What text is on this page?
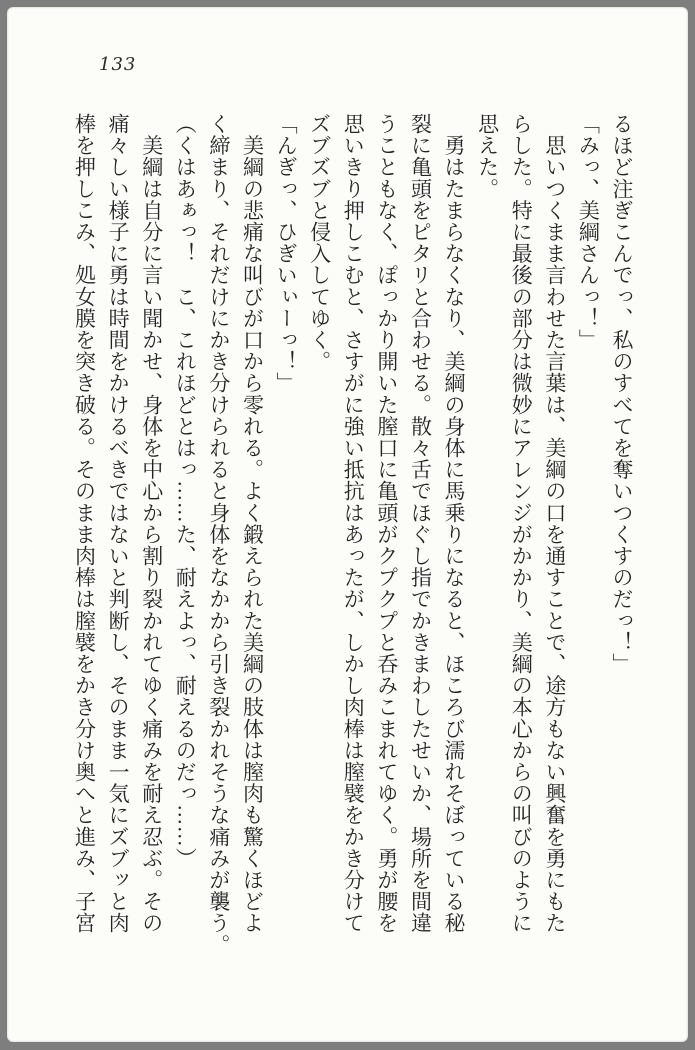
133
るほど注ぎこんでっ、私のすべてを奪いつくすのだっ！」
「みっ、美綱さんっ！」
　思いつくまま言わせた言葉は、美綱の口を通すことで、途方もない興奮を勇にもた
らした。特に最後の部分は微妙にアレンジがかかり、美綱の本心からの叫びのように
思えた。
　勇はたまらなくなり、美綱の身体に馬乗りになると、ほころび濡れそぼっている秘
裂に亀頭をピタリと合わせる。散々舌でほぐし指でかきまわしたせいか、場所を間違
うこともなく、ぽっかり開いた膣口に亀頭がクプクプと呑みこまれてゆく。勇が腰を
思いきり押しこむと、さすがに強い抵抗はあったが、しかし肉棒は膣襞をかき分けて
ズブズブと侵入してゆく。
「んぎっ、ひぎいぃーっ！」
　美綱の悲痛な叫びが口から零れる。よく鍛えられた美綱の肢体は膣肉も驚くほどよ
く締まり、それだけにかき分けられると身体をなかから引き裂かれそうな痛みが襲う。
（くはあぁっ！　こ、これほどとはっ……た、耐えよっ、耐えるのだっ……）
　美綱は自分に言い聞かせ、身体を中心から割り裂かれてゆく痛みを耐え忍ぶ。その
痛々しい様子に勇は時間をかけるべきではないと判断し、そのまま一気にズブッと肉
棒を押しこみ、処女膜を突き破る。そのまま肉棒は膣襞をかき分け奥へと進み、子宮
